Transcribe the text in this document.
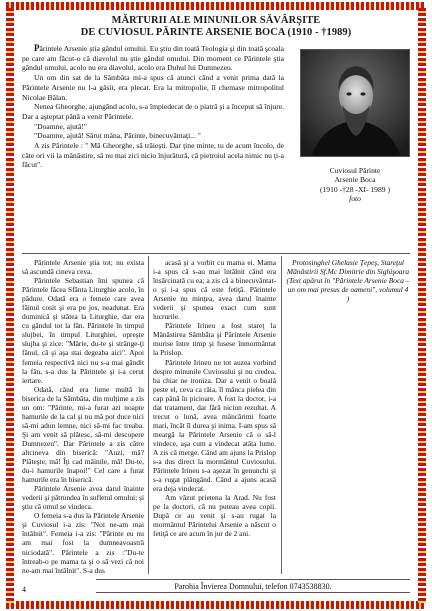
MĂRTURII ALE MINUNILOR SĂVÂRŞITE
DE CUVIOSUL PĂRINTE ARSENIE BOCA (1910 - †1989)

Părintele Arsenie ştia gândul omului. Eu ştiu din toată Teologia şi din toată şcoala pe care am făcut-o că diavolul nu ştie gândul omului. Din moment ce Părintele ştia gândul omului, acolo nu era diavolul, acolo era Duhul lui Dumnezeu.

Un om din sat de la Sâmbăta mi-a spus că atunci când a venit prima dată la Părintele Arsenie nu l-a găsit, era plecat. Era la mitropolie, îl chemase mitropolitul Nicolae Bălan.

Nenea Gheorghe, ajungând acolo, s-a împiedecat de o piatră şi a început să înjure. Dar a aşteptat până a venit Părintele.

"Doamne, ajută!"

"Doamne, ajută! Sărut mâna, Părinte, binecuvântaţi... "

A zis Părintele : " Mă Gheorghe, să trăieşti. Dar ţine minte, tu de acum încolo, de câte ori vii la mănăstire, să nu mai zici nicio înjurătură, că pietroiul acela nimic nu ţi-a făcut".

Cuviosul Părinte
Arsenie Boca
(1910 -†28 -XI- 1989 )
foto

Părintele Arsenie ştia tot; nu exista să ascundă cineva ceva.

Părintele Sebastian îmi spunea că Părintele făcea Sfânta Liturghie acolo, în pădure. Odată era o femeie care avea făinul cosit şi era pe jos, neadunat. Era duminică şi stătea la Liturghie, dar era cu gândul tot la fân. Părintele în timpul slujbei, în timpul Liturghiei, opreşte slujba şi zice: "Mărie, du-te şi strânge-ţi fânul, că şi aşa stai degeaba aici". Apoi femeia respectivă nici nu s-a mai gândit la fân, s-a dus la Părintele şi i-a cerut iertare.

Odată, când era lume multă în biserica de la Sâmbăta, din mulţime a zis un om: "Părinte, mi-a furat azi noapte hamurile de la cal şi nu mă pot duce nici să-mi adun lemne, nici să-mi fac treaba. Şi am venit să plătesc, să-mi descopere Dumnezeu". Dar Părintele a zis către altcineva din biserică: "Auzi, mă? Plăteşte, mă! Îţi cad mâinile, mă! Du-te, du-i hamurile înapoi!" Cel care a furat hamurile era în biserică.

Părintele Arsenie avea darul înainte vederii şi pătrundea în sufletul omului; şi ştiu că omul se vindeca.

O femeia s-a dus la Părintele Arsenie şi Cuviosul i-a zis: "Noi ne-am mai întâlnit". Femeia i-a zis: "Părinte eu nu am mai fost la dumneavoastră niciodată". Părintele a zis :"Du-te întreab-o pe mama ta şi o să vezi că noi ne-am mai întâlnit". S-a dus

acasă şi a vorbit cu mama ei. Mama i-a spus că s-au mai întâlnit când era însărcinată cu ea; a zis că a binecuvântat-o şi i-a spus că este fetiţă. Părintele Arsenie nu minţea, avea darul înainte vederii şi spunea exact cum sunt lucrurile.

Părintele Irineu a fost stareţ la Mănăstirea Sâmbăta şi Părintele Arsenie murise între timp şi fusese înmormântat la Prislop.

Părintele Irineu ne tot auzea vorbind despre minunile Cuviosului şi nu credea, ba chiar ne ironiza. Dar a venit o boală peste el, ceva ca râia, îl mânca pielea din cap până în picioare. A fost la doctor, i-a dat tratament, dar fără niciun rezultat. A trecut o lună, avea mâncărimi foarte mari, încât îl durea şi inima. I-am spus să meargă la Părintele Arsenie că o să-l vindece, aşa cum a vindecat atâta lume. A zis că merge. Când am ajuns la Prislop s-a dus direct la mormântul Cuviosului. Părintele Irineu s-a aşezat în genunchi şi s-a rugat plângând. Când a ajuns acasă era deja vindecat.

Am văzut prietena la Arad. Nu fost pe la doctori, că nu puteau avea copii. După ce au venit şi s-au rugat la mormântul Părintelui Arsenie a născut o fetiţă ce are acum în jur de 2 ani.

Protosinghel Ghelasie Ţepeş, Stareţul Mănăstirii Sf.Mc Dimitrie din Sighişoara

(Text apărut în "Părintele Arsenie Boca – un om mai presus de oameni", volumul 4 )

4	Parohia Învierea Domnului, telefon 0743538830.
